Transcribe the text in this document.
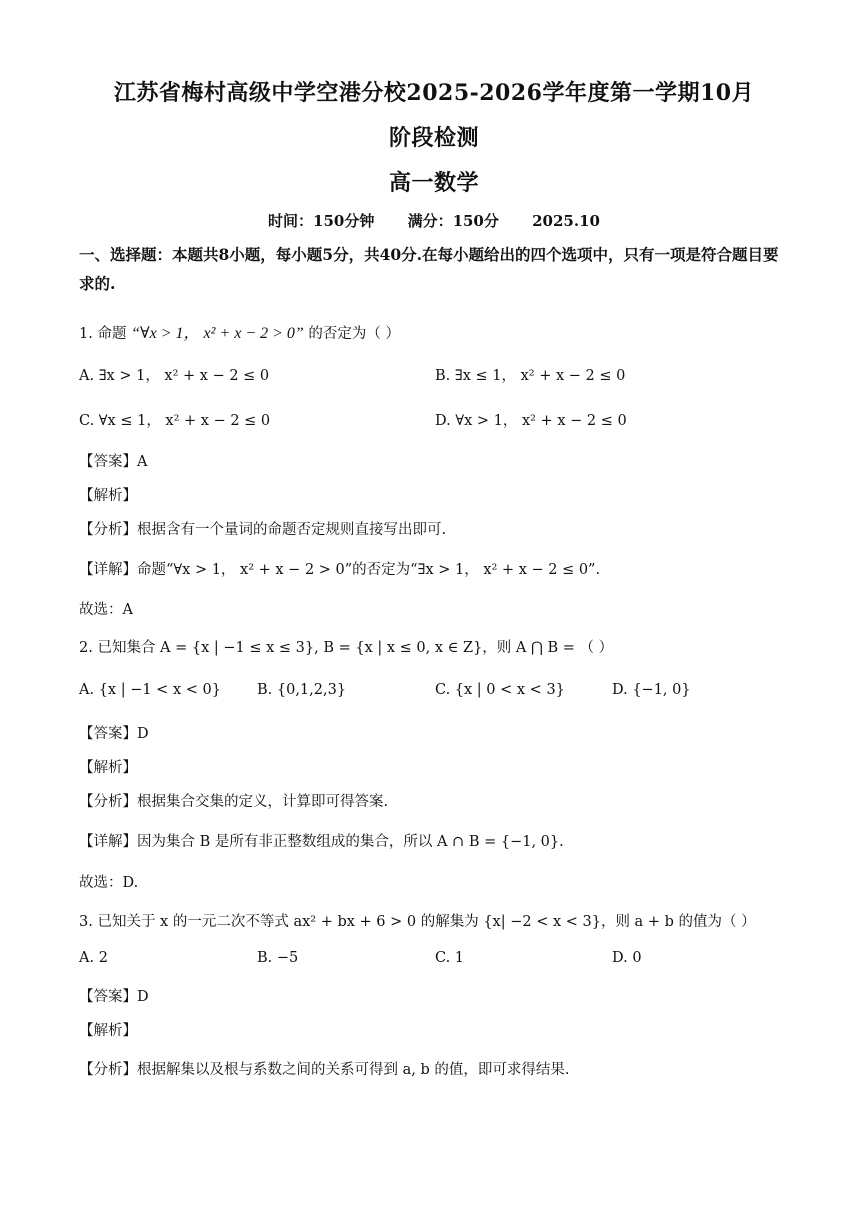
江苏省梅村高级中学空港分校2025-2026学年度第一学期10月
阶段检测
高一数学
时间：150分钟 满分：150分 2025.10
一、选择题：本题共8小题，每小题5分，共40分.在每小题给出的四个选项中，只有一项是符合题目要求的.
1. 命题 “∀x > 1， x² + x − 2 > 0” 的否定为（ ）
A. ∃x > 1， x² + x − 2 ≤ 0	B. ∃x ≤ 1， x² + x − 2 ≤ 0
C. ∀x ≤ 1， x² + x − 2 ≤ 0	D. ∀x > 1， x² + x − 2 ≤ 0
【答案】A
【解析】
【分析】根据含有一个量词的命题否定规则直接写出即可.
【详解】命题“∀x > 1， x² + x − 2 > 0”的否定为“∃x > 1， x² + x − 2 ≤ 0”.
故选：A
2. 已知集合 A = {x | −1 ≤ x ≤ 3}, B = {x | x ≤ 0, x ∈ Z}，则 A ⋂ B = （ ）
A. {x | −1 < x < 0} B. {0,1,2,3}	C. {x | 0 < x < 3}	D. {−1, 0}
【答案】D
【解析】
【分析】根据集合交集的定义，计算即可得答案.
【详解】因为集合 B 是所有非正整数组成的集合，所以 A ∩ B = {−1, 0}.
故选：D.
3. 已知关于 x 的一元二次不等式 ax² + bx + 6 > 0 的解集为 {x| −2 < x < 3}，则 a + b 的值为（ ）
A. 2	B. −5	C. 1	D. 0
【答案】D
【解析】
【分析】根据解集以及根与系数之间的关系可得到 a, b 的值，即可求得结果.
